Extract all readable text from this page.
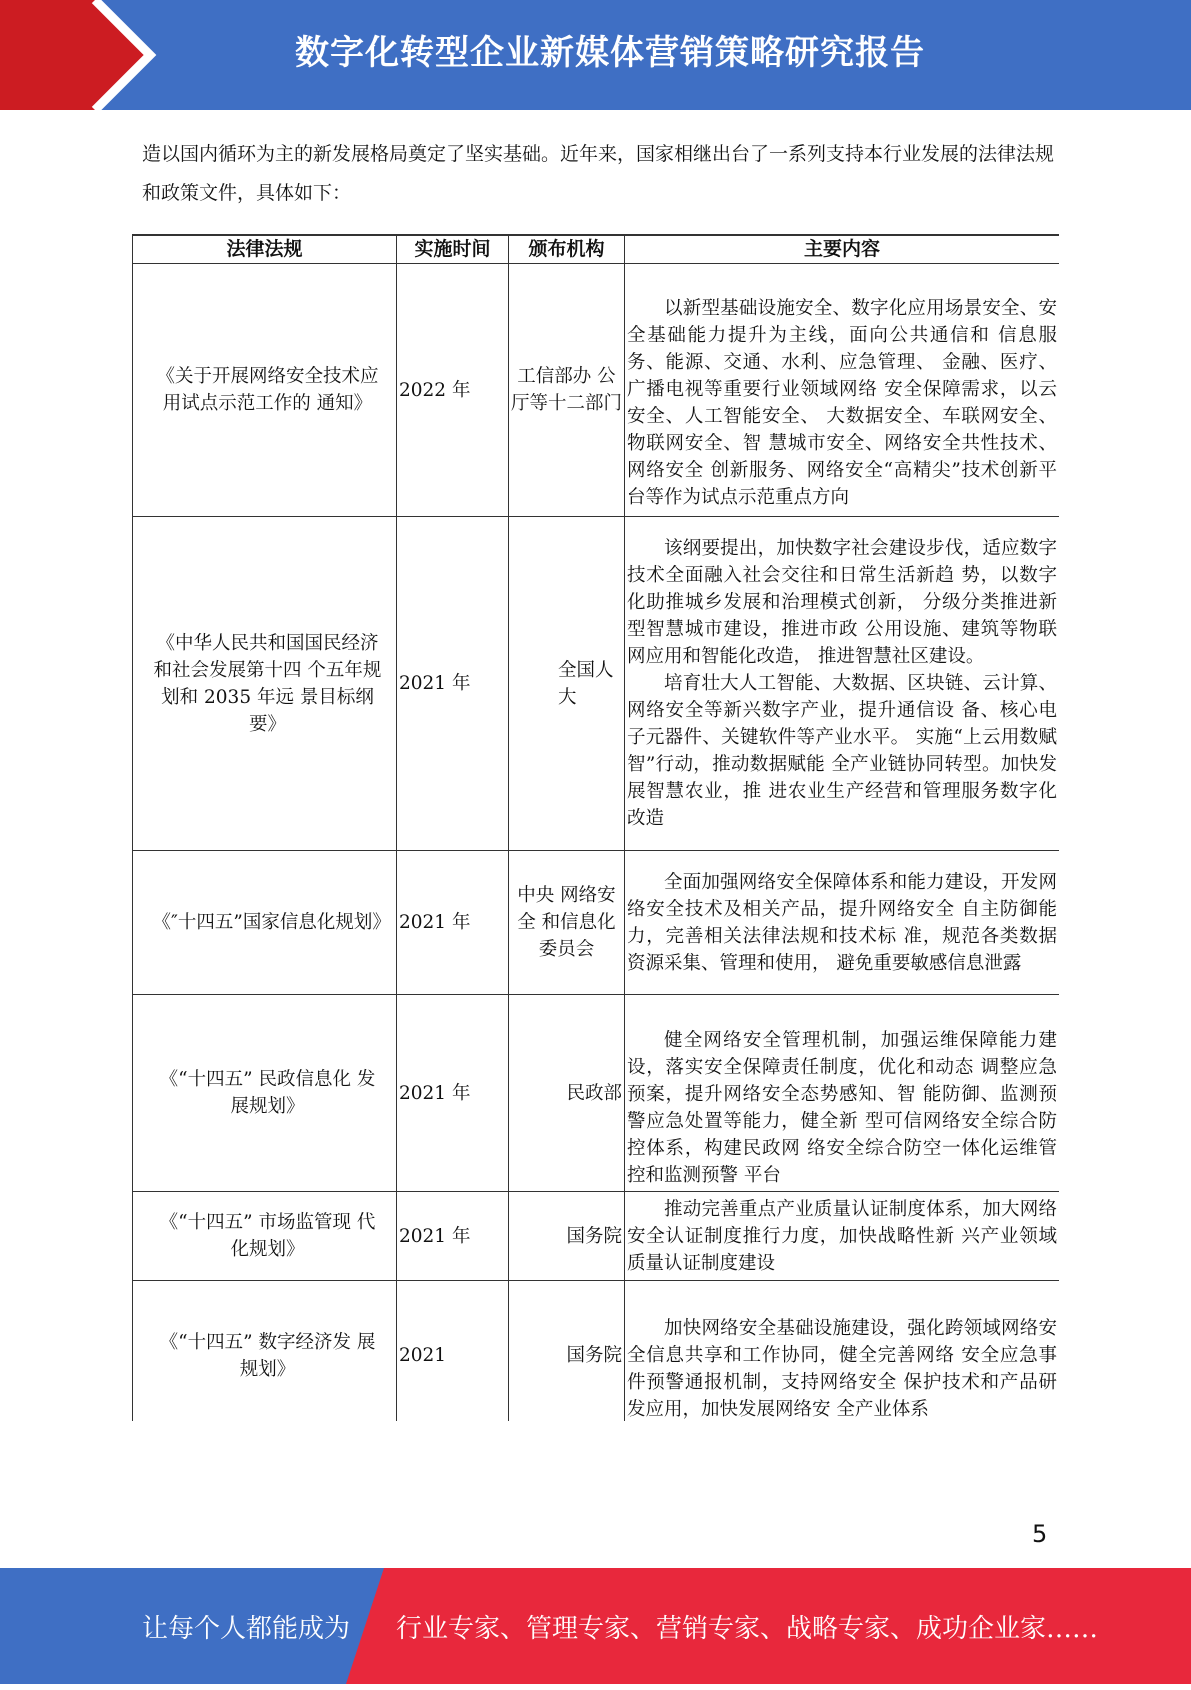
数字化转型企业新媒体营销策略研究报告
造以国内循环为主的新发展格局奠定了坚实基础。近年来，国家相继出台了一系列支持本行业发展的法律法规和政策文件，具体如下：
法律法规	实施时间	颁布机构	主要内容
《关于开展网络安全技术应用试点示范工作的 通知》	2022 年	工信部办 公厅等十二部门	以新型基础设施安全、数字化应用场景安全、安全基础能力提升为主线，面向公共通信和 信息服务、能源、交通、水利、应急管理、 金融、医疗、广播电视等重要行业领域网络 安全保障需求，以云安全、人工智能安全、 大数据安全、车联网安全、物联网安全、智 慧城市安全、网络安全共性技术、网络安全 创新服务、网络安全“高精尖”技术创新平 台等作为试点示范重点方向

《中华人民共和国国民经济和社会发展第十四 个五年规划和 2035 年远 景目标纲要》	2021 年	全国人大	该纲要提出，加快数字社会建设步伐，适应数字技术全面融入社会交往和日常生活新趋 势，以数字化助推城乡发展和治理模式创新， 分级分类推进新型智慧城市建设，推进市政 公用设施、建筑等物联网应用和智能化改造， 推进智慧社区建设。

培育壮大人工智能、大数据、区块链、云计算、网络安全等新兴数字产业，提升通信设 备、核心电子元器件、关键软件等产业水平。 实施“上云用数赋智”行动，推动数据赋能 全产业链协同转型。加快发展智慧农业，推 进农业生产经营和管理服务数字化改造

《″十四五”国家信息化规划》	2021 年	中央 网络安全 和信息化 委员会	全面加强网络安全保障体系和能力建设，开发网络安全技术及相关产品，提升网络安全 自主防御能力，完善相关法律法规和技术标 准，规范各类数据资源采集、管理和使用， 避免重要敏感信息泄露

《“十四五” 民政信息化 发展规划》	2021 年	民政部	健全网络安全管理机制，加强运维保障能力建设，落实安全保障责任制度，优化和动态 调整应急预案，提升网络安全态势感知、智 能防御、监测预警应急处置等能力，健全新 型可信网络安全综合防控体系，构建民政网 络安全综合防空一体化运维管控和监测预警 平台

《“十四五” 市场监管现 代化规划》	2021 年	国务院	推动完善重点产业质量认证制度体系，加大网络安全认证制度推行力度，加快战略性新 兴产业领域质量认证制度建设

《“十四五” 数字经济发 展规划》	2021	国务院	加快网络安全基础设施建设，强化跨领域网络安全信息共享和工作协同，健全完善网络 安全应急事件预警通报机制，支持网络安全 保护技术和产品研发应用，加快发展网络安 全产业体系

5
让每个人都能成为 行业专家、管理专家、营销专家、战略专家、成功企业家……
